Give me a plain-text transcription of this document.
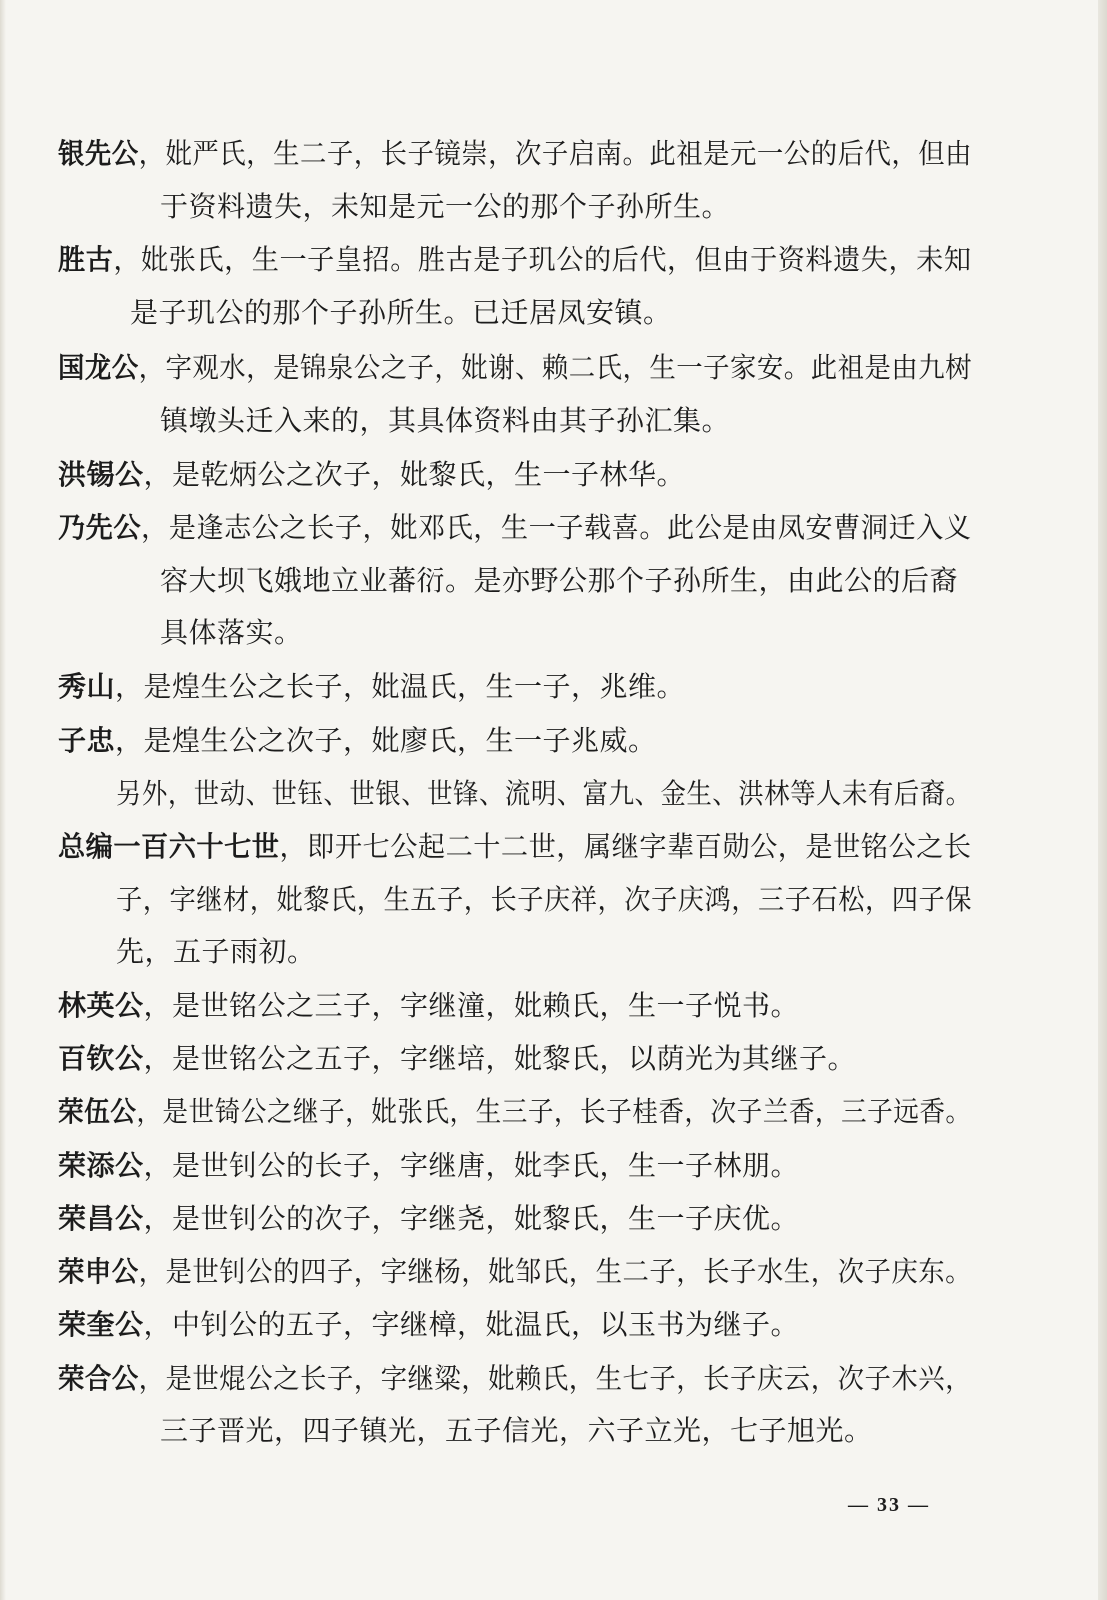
银先公，妣严氏，生二子，长子镜崇，次子启南。此祖是元一公的后代，但由
于资料遗失，未知是元一公的那个子孙所生。
胜古，妣张氏，生一子皇招。胜古是子玑公的后代，但由于资料遗失，未知
是子玑公的那个子孙所生。已迁居凤安镇。
国龙公，字观水，是锦泉公之子，妣谢、赖二氏，生一子家安。此祖是由九树
镇墩头迁入来的，其具体资料由其子孙汇集。
洪锡公，是乾炳公之次子，妣黎氏，生一子林华。
乃先公，是逢志公之长子，妣邓氏，生一子载喜。此公是由凤安曹洞迁入义
容大坝飞娥地立业蕃衍。是亦野公那个子孙所生，由此公的后裔
具体落实。
秀山，是煌生公之长子，妣温氏，生一子，兆维。
子忠，是煌生公之次子，妣廖氏，生一子兆威。
另外，世动、世钰、世银、世锋、流明、富九、金生、洪林等人未有后裔。
总编一百六十七世，即开七公起二十二世，属继字辈百勋公，是世铭公之长
子，字继材，妣黎氏，生五子，长子庆祥，次子庆鸿，三子石松，四子保
先，五子雨初。
林英公，是世铭公之三子，字继潼，妣赖氏，生一子悦书。
百钦公，是世铭公之五子，字继培，妣黎氏，以荫光为其继子。
荣伍公，是世锜公之继子，妣张氏，生三子，长子桂香，次子兰香，三子远香。
荣添公，是世钊公的长子，字继唐，妣李氏，生一子林朋。
荣昌公，是世钊公的次子，字继尧，妣黎氏，生一子庆优。
荣申公，是世钊公的四子，字继杨，妣邹氏，生二子，长子水生，次子庆东。
荣奎公，中钊公的五子，字继樟，妣温氏，以玉书为继子。
荣合公，是世焜公之长子，字继粱，妣赖氏，生七子，长子庆云，次子木兴，
三子晋光，四子镇光，五子信光，六子立光，七子旭光。
— 33 —
